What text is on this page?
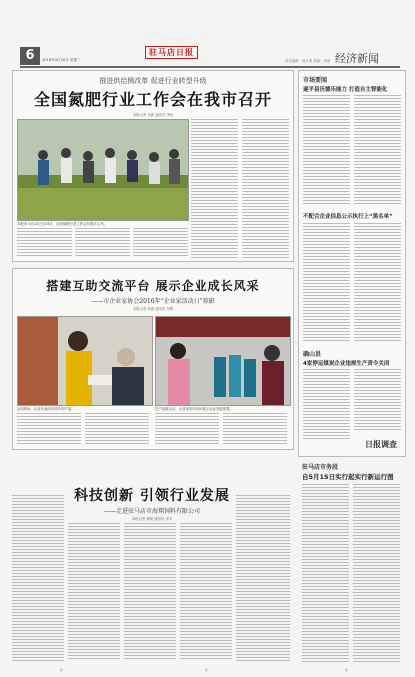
6	驻马店日报
2016年4月26日 星期二	责任编辑：周永海 美编：李丽 经济新闻
推进供给侧改革 促进行业转型升级
全国氮肥行业工作会在我市召开
本报记者 吴新 通讯员 李钊
本报讯 4月22日至23日，全国氮肥行业工作会在我市召开。
搭建互助交流平台 展示企业成长风采
——市企业家协会2016年“企业家活动日”掠影
本报记者 韩惠 通讯员 刘辉
活动现场，企业代表向市民介绍产品。	在产品展示区，企业家们向市民展示企业发展成果。
科技创新 引领行业发展
——走进驻马店市海翔饲料有限公司
本报记者 林艳 通讯员 李平
市场要闻
遂平县沃德乐能力 打造自主智能化
不配合企业信息公示执行上“黑名单”
确山县
4家停运煤炭企业违规生产责令关闭
日报调查
驻马店市务段
自5月15日实行起实行新运行图
此	此	此
